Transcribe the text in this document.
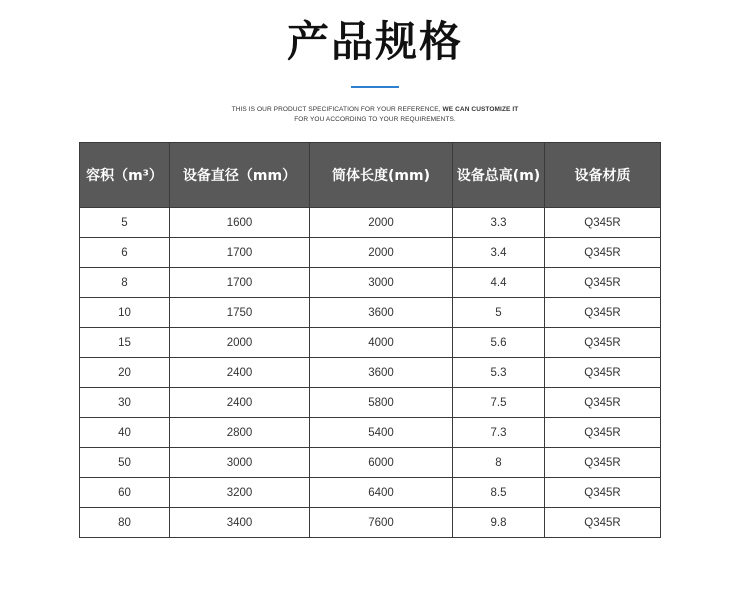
产品规格
THIS IS OUR PRODUCT SPECIFICATION FOR YOUR REFERENCE, WE CAN CUSTOMIZE IT
FOR YOU ACCORDING TO YOUR REQUIREMENTS.
容积（m³）	设备直径（mm）	筒体长度(mm)	设备总高(m)	设备材质
5	1600	2000	3.3	Q345R
6	1700	2000	3.4	Q345R
8	1700	3000	4.4	Q345R
10	1750	3600	5	Q345R
15	2000	4000	5.6	Q345R
20	2400	3600	5.3	Q345R
30	2400	5800	7.5	Q345R
40	2800	5400	7.3	Q345R
50	3000	6000	8	Q345R
60	3200	6400	8.5	Q345R
80	3400	7600	9.8	Q345R
